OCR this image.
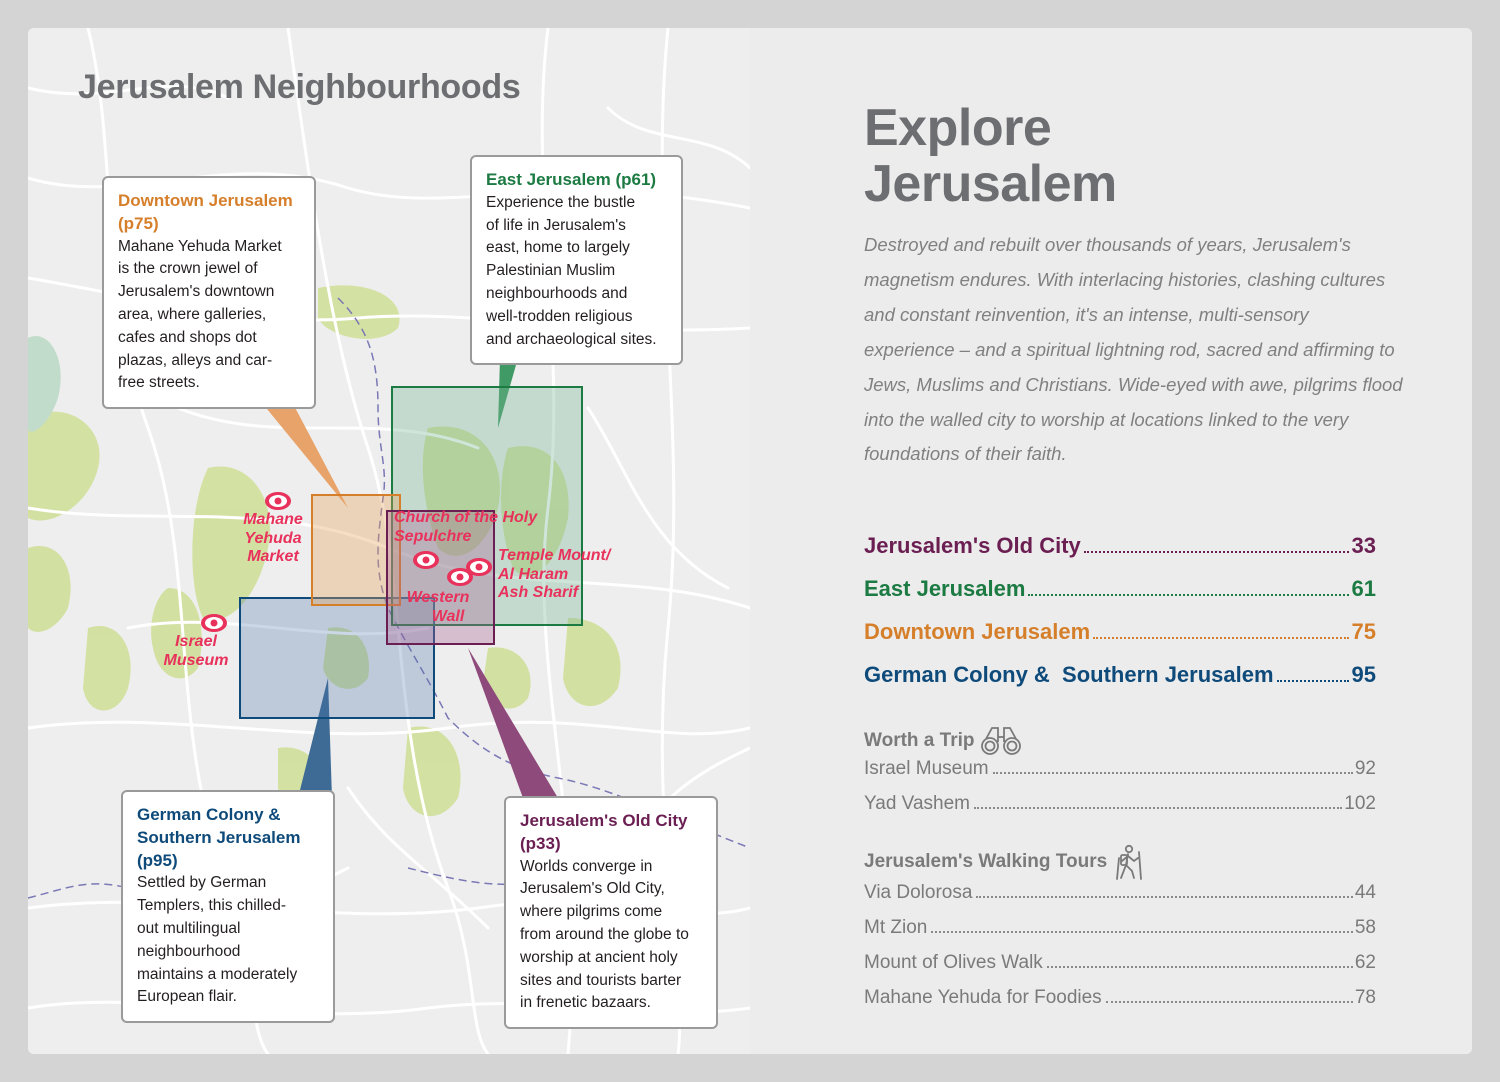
Jerusalem Neighbourhoods
Downtown Jerusalem
(p75)
Mahane Yehuda Market
is the crown jewel of
Jerusalem's downtown
area, where galleries,
cafes and shops dot
plazas, alleys and car-
free streets.
East Jerusalem (p61)
Experience the bustle
of life in Jerusalem's
east, home to largely
Palestinian Muslim
neighbourhoods and
well-trodden religious
and archaeological sites.
German Colony &
Southern Jerusalem
(p95)
Settled by German
Templers, this chilled-
out multilingual
neighbourhood
maintains a moderately
European flair.
Jerusalem's Old City
(p33)
Worlds converge in
Jerusalem's Old City,
where pilgrims come
from around the globe to
worship at ancient holy
sites and tourists barter
in frenetic bazaars.
Mahane
Yehuda
Market
Church of the Holy
Sepulchre
Temple Mount/
Al Haram
Ash Sharif
Western
Wall
Israel
Museum
Explore
Jerusalem
Destroyed and rebuilt over thousands of years, Jerusalem's magnetism endures. With interlacing histories, clashing cultures and constant reinvention, it's an intense, multi-sensory experience – and a spiritual lightning rod, sacred and affirming to Jews, Muslims and Christians. Wide-eyed with awe, pilgrims flood into the walled city to worship at locations linked to the very foundations of their faith.
Jerusalem's Old City	33
East Jerusalem	61
Downtown Jerusalem	75
German Colony &  Southern Jerusalem	95
Worth a Trip
Israel Museum	92
Yad Vashem	102
Jerusalem's Walking Tours
Via Dolorosa	44
Mt Zion	58
Mount of Olives Walk	62
Mahane Yehuda for Foodies	78
